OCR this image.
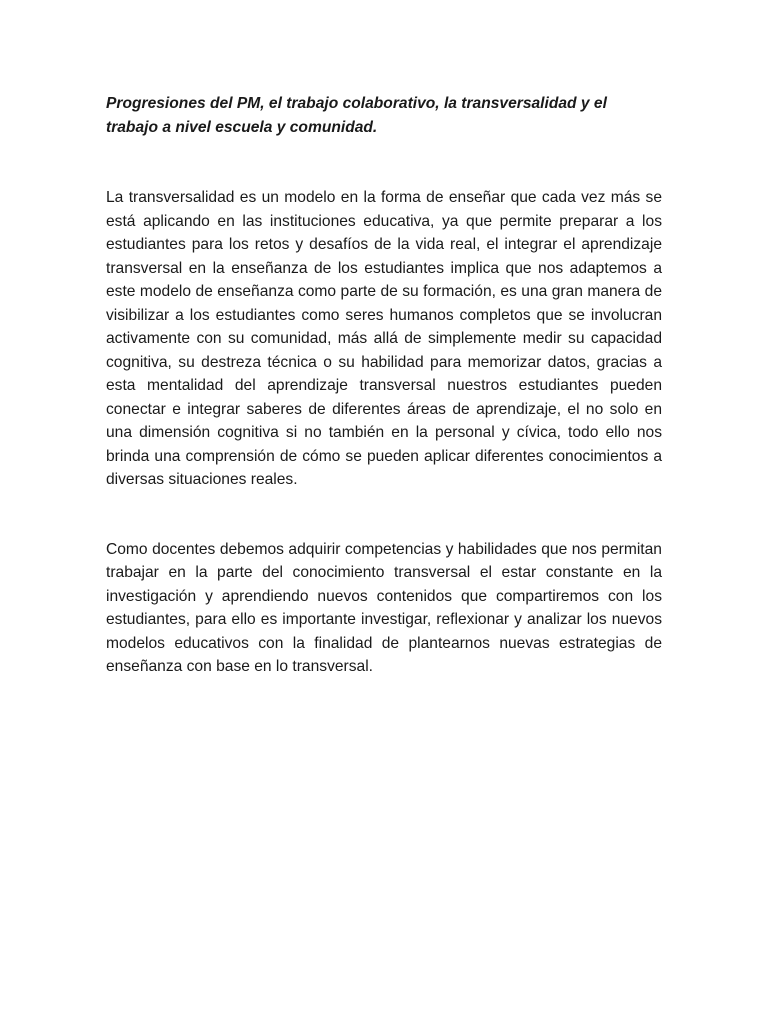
Progresiones del PM, el trabajo colaborativo, la transversalidad y el trabajo a nivel escuela y comunidad.

La transversalidad es un modelo en la forma de enseñar que cada vez más se está aplicando en las instituciones educativa, ya que permite preparar a los estudiantes para los retos y desafíos de la vida real, el integrar el aprendizaje transversal en la enseñanza de los estudiantes implica que nos adaptemos a este modelo de enseñanza como parte de su formación, es una gran manera de visibilizar a los estudiantes como seres humanos completos que se involucran activamente con su comunidad, más allá de simplemente medir su capacidad cognitiva, su destreza técnica o su habilidad para memorizar datos, gracias a esta mentalidad del aprendizaje transversal nuestros estudiantes pueden conectar e integrar saberes de diferentes áreas de aprendizaje, el no solo en una dimensión cognitiva si no también en la personal y cívica, todo ello nos brinda una comprensión de cómo se pueden aplicar diferentes conocimientos a diversas situaciones reales.

Como docentes debemos adquirir competencias y habilidades que nos permitan trabajar en la parte del conocimiento transversal el estar constante en la investigación y aprendiendo nuevos contenidos que compartiremos con los estudiantes, para ello es importante investigar, reflexionar y analizar los nuevos modelos educativos con la finalidad de plantearnos nuevas estrategias de enseñanza con base en lo transversal.
